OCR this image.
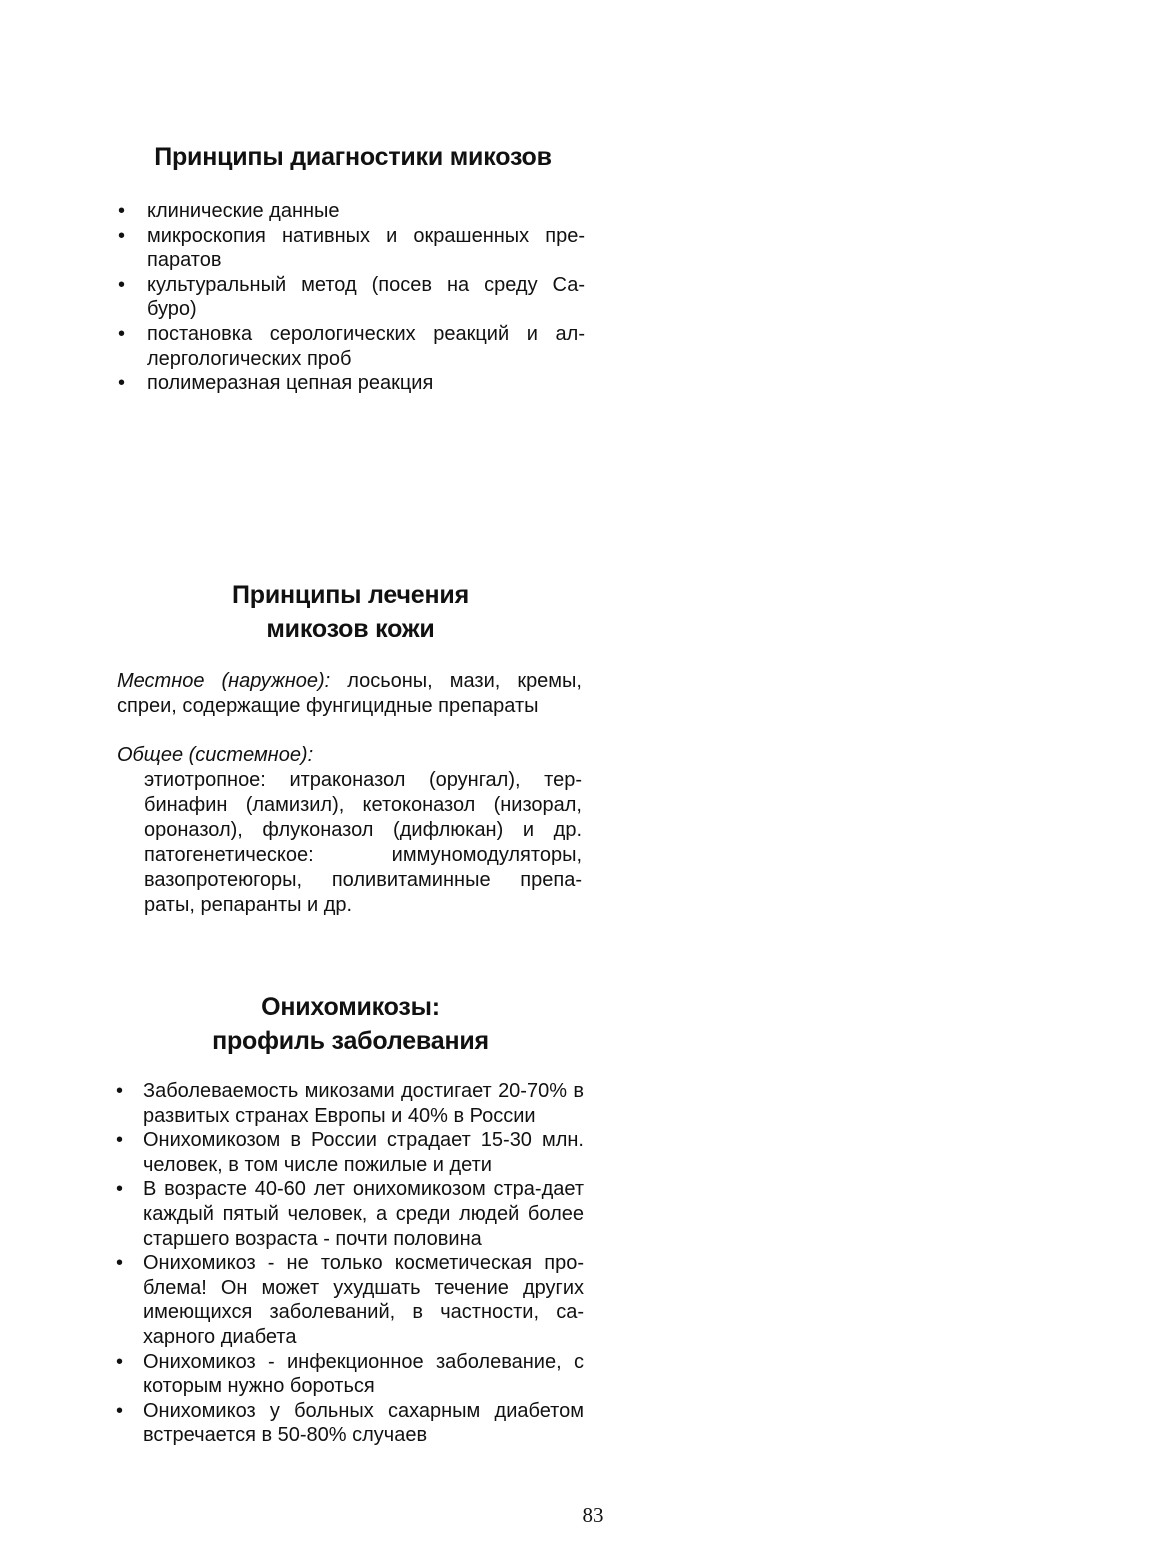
Принципы диагностики микозов
• клинические данные
• микроскопия нативных и окрашенных пре-паратов
• культуральный метод (посев на среду Са-буро)
• постановка серологических реакций и ал-лергологических проб
• полимеразная цепная реакция
Принципы лечения
микозов кожи

Местное (наружное): лосьоны, мази, кремы, спреи, содержащие фунгицидные препараты

Общее (системное):

этиотропное: итраконазол (орунгал), тер-бинафин (ламизил), кетоконазол (низорал, ороназол), флуконазол (дифлюкан) и др. патогенетическое: иммуномодуляторы, вазопротеюгоры, поливитаминные препа-раты, репаранты и др.

Онихомикозы:
профиль заболевания
• Заболеваемость микозами достигает 20-70% в развитых странах Европы и 40% в России
• Онихомикозом в России страдает 15-30 млн. человек, в том числе пожилые и дети
• В возрасте 40-60 лет онихомикозом стра-дает каждый пятый человек, а среди людей более старшего возраста - почти половина
• Онихомикоз - не только косметическая про-блема! Он может ухудшать течение других имеющихся заболеваний, в частности, са-харного диабета
• Онихомикоз - инфекционное заболевание, с которым нужно бороться
• Онихомикоз у больных сахарным диабетом встречается в 50-80% случаев
83
